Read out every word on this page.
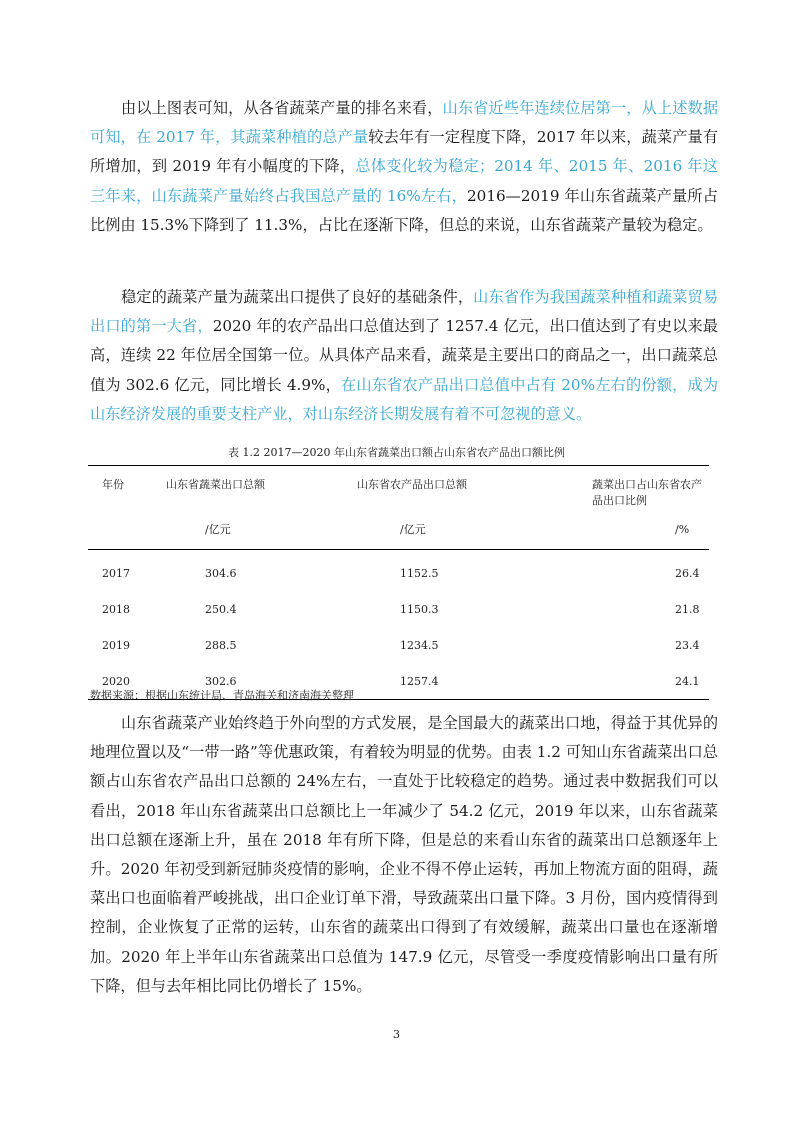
由以上图表可知，从各省蔬菜产量的排名来看，山东省近些年连续位居第一，从上述数据可知，在 2017 年，其蔬菜种植的总产量较去年有一定程度下降，2017 年以来，蔬菜产量有所增加，到 2019 年有小幅度的下降，总体变化较为稳定；2014 年、2015 年、2016 年这三年来，山东蔬菜产量始终占我国总产量的 16%左右，2016—2019 年山东省蔬菜产量所占比例由 15.3%下降到了 11.3%，占比在逐渐下降，但总的来说，山东省蔬菜产量较为稳定。

稳定的蔬菜产量为蔬菜出口提供了良好的基础条件，山东省作为我国蔬菜种植和蔬菜贸易出口的第一大省，2020 年的农产品出口总值达到了 1257.4 亿元，出口值达到了有史以来最高，连续 22 年位居全国第一位。从具体产品来看，蔬菜是主要出口的商品之一，出口蔬菜总值为 302.6 亿元，同比增长 4.9%，在山东省农产品出口总值中占有 20%左右的份额，成为山东经济发展的重要支柱产业，对山东经济长期发展有着不可忽视的意义。

表 1.2 2017—2020 年山东省蔬菜出口额占山东省农产品出口额比例
年份	山东省蔬菜出口总额	山东省农产品出口总额	蔬菜出口占山东省农产品出口比例
	/亿元	/亿元	/%
2017	304.6	1152.5	26.4
2018	250.4	1150.3	21.8
2019	288.5	1234.5	23.4
2020	302.6	1257.4	24.1
数据来源：根据山东统计局、青岛海关和济南海关整理

山东省蔬菜产业始终趋于外向型的方式发展，是全国最大的蔬菜出口地，得益于其优异的地理位置以及“一带一路”等优惠政策，有着较为明显的优势。由表 1.2 可知山东省蔬菜出口总额占山东省农产品出口总额的 24%左右，一直处于比较稳定的趋势。通过表中数据我们可以看出，2018 年山东省蔬菜出口总额比上一年减少了 54.2 亿元，2019 年以来，山东省蔬菜出口总额在逐渐上升，虽在 2018 年有所下降，但是总的来看山东省的蔬菜出口总额逐年上升。2020 年初受到新冠肺炎疫情的影响，企业不得不停止运转，再加上物流方面的阻碍，蔬菜出口也面临着严峻挑战，出口企业订单下滑，导致蔬菜出口量下降。3 月份，国内疫情得到控制，企业恢复了正常的运转，山东省的蔬菜出口得到了有效缓解，蔬菜出口量也在逐渐增加。2020 年上半年山东省蔬菜出口总值为 147.9 亿元，尽管受一季度疫情影响出口量有所下降，但与去年相比同比仍增长了 15%。

3
